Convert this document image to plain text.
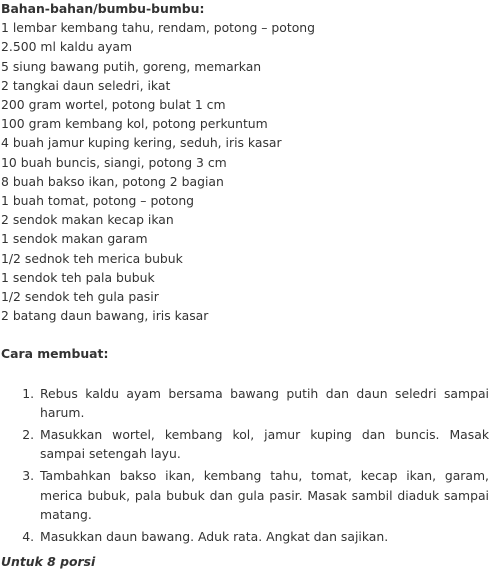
Bahan-bahan/bumbu-bumbu:
1 lembar kembang tahu, rendam, potong – potong
2.500 ml kaldu ayam
5 siung bawang putih, goreng, memarkan
2 tangkai daun seledri, ikat
200 gram wortel, potong bulat 1 cm
100 gram kembang kol, potong perkuntum
4 buah jamur kuping kering, seduh, iris kasar
10 buah buncis, siangi, potong 3 cm
8 buah bakso ikan, potong 2 bagian
1 buah tomat, potong – potong
2 sendok makan kecap ikan
1 sendok makan garam
1/2 sednok teh merica bubuk
1 sendok teh pala bubuk
1/2 sendok teh gula pasir
2 batang daun bawang, iris kasar
Cara membuat:
1. Rebus kaldu ayam bersama bawang putih dan daun seledri sampai harum.
2. Masukkan wortel, kembang kol, jamur kuping dan buncis. Masak sampai setengah layu.
3. Tambahkan bakso ikan, kembang tahu, tomat, kecap ikan, garam, merica bubuk, pala bubuk dan gula pasir. Masak sambil diaduk sampai matang.
4. Masukkan daun bawang. Aduk rata. Angkat dan sajikan.
Untuk 8 porsi
